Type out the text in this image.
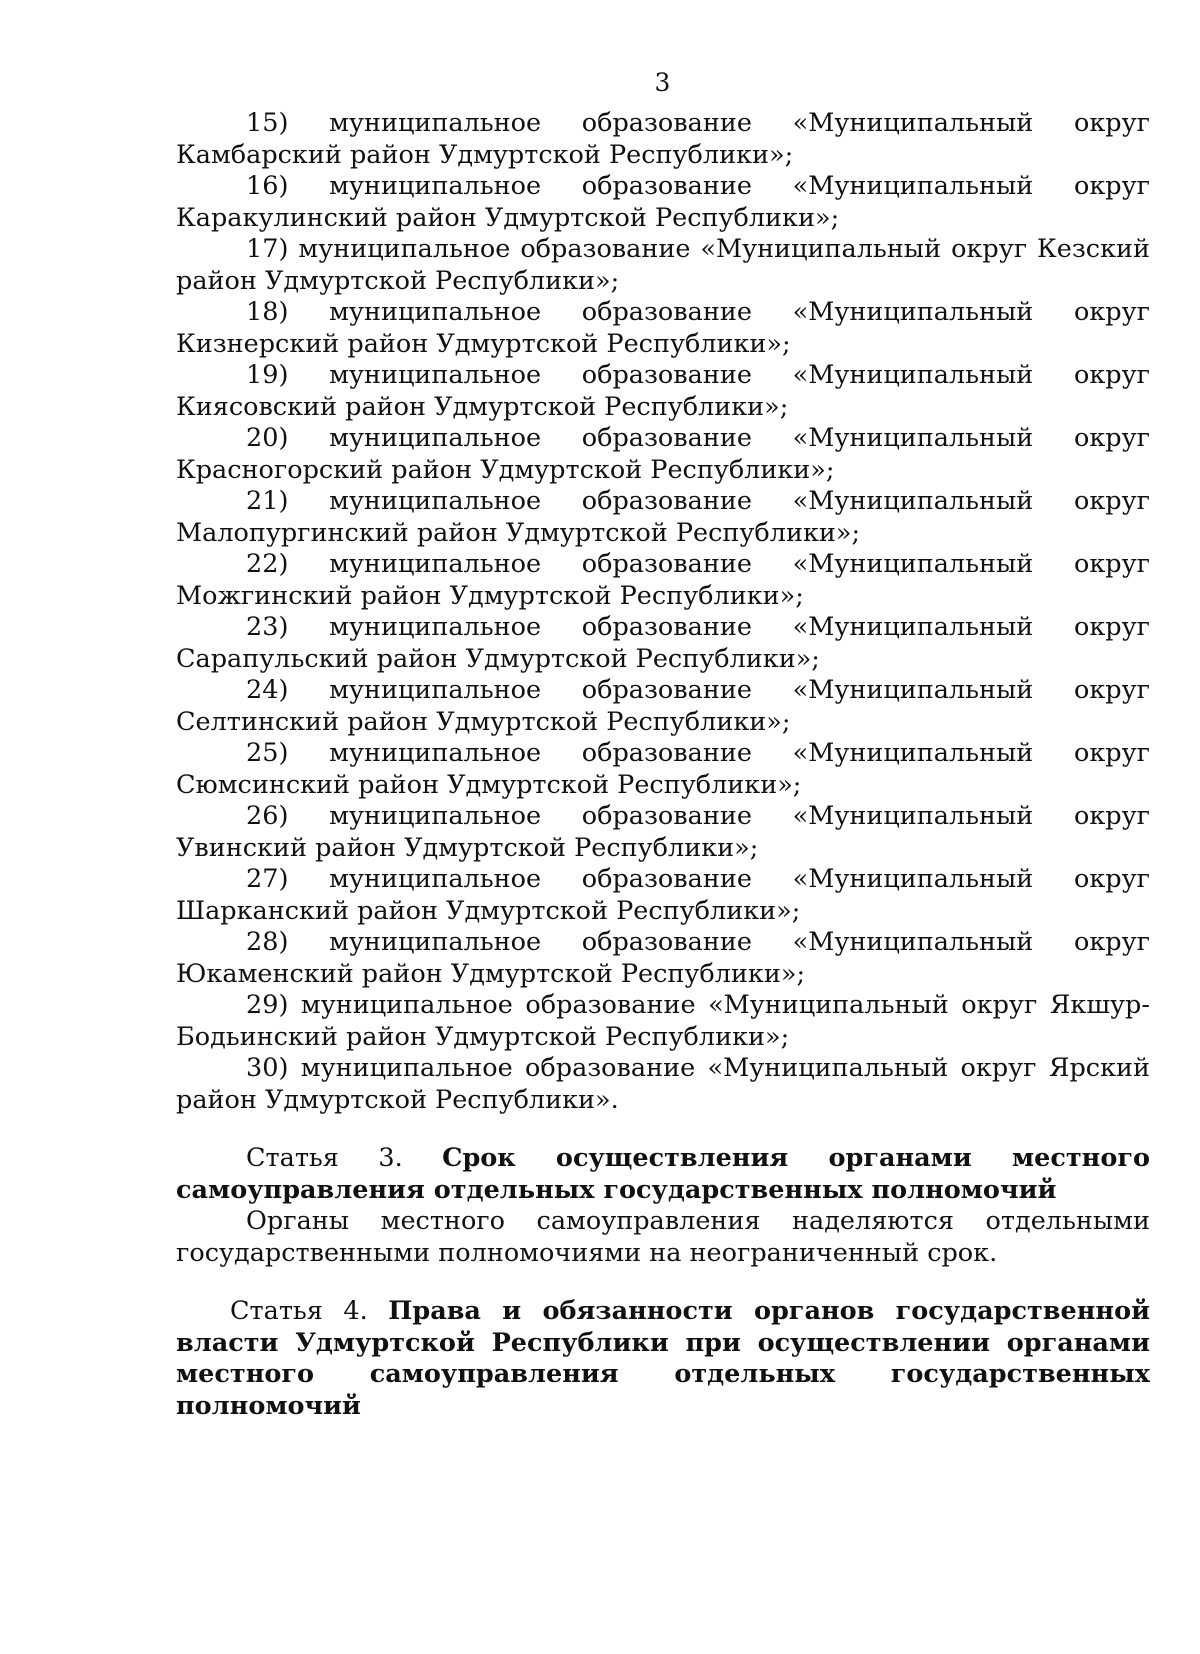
3

15) муниципальное образование «Муниципальный округ Камбарский район Удмуртской Республики»;

16) муниципальное образование «Муниципальный округ Каракулинский район Удмуртской Республики»;

17) муниципальное образование «Муниципальный округ Кезский район Удмуртской Республики»;

18) муниципальное образование «Муниципальный округ Кизнерский район Удмуртской Республики»;

19) муниципальное образование «Муниципальный округ Киясовский район Удмуртской Республики»;

20) муниципальное образование «Муниципальный округ Красногорский район Удмуртской Республики»;

21) муниципальное образование «Муниципальный округ Малопургинский район Удмуртской Республики»;

22) муниципальное образование «Муниципальный округ Можгинский район Удмуртской Республики»;

23) муниципальное образование «Муниципальный округ Сарапульский район Удмуртской Республики»;

24) муниципальное образование «Муниципальный округ Селтинский район Удмуртской Республики»;

25) муниципальное образование «Муниципальный округ Сюмсинский район Удмуртской Республики»;

26) муниципальное образование «Муниципальный округ Увинский район Удмуртской Республики»;

27) муниципальное образование «Муниципальный округ Шарканский район Удмуртской Республики»;

28) муниципальное образование «Муниципальный округ Юкаменский район Удмуртской Республики»;

29) муниципальное образование «Муниципальный округ Якшур-Бодьинский район Удмуртской Республики»;

30) муниципальное образование «Муниципальный округ Ярский район Удмуртской Республики».

Статья 3. Срок осуществления органами местного самоуправления отдельных государственных полномочий

Органы местного самоуправления наделяются отдельными государственными полномочиями на неограниченный срок.

Статья 4. Права и обязанности органов государственной власти Удмуртской Республики при осуществлении органами местного самоуправления отдельных государственных полномочий
